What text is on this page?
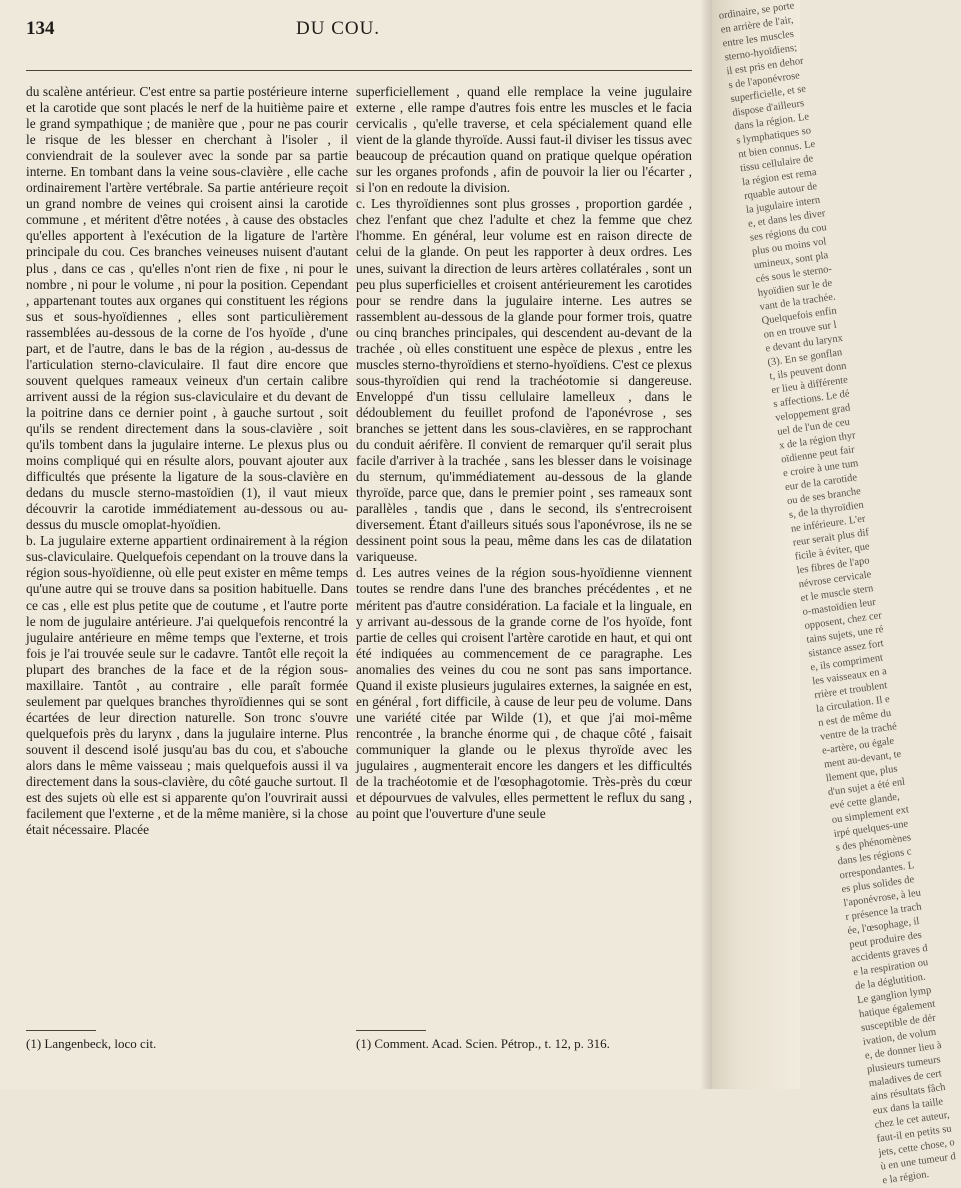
134	DU COU.

du scalène antérieur. C'est entre sa partie postérieure interne et la carotide que sont placés le nerf de la huitième paire et le grand sympathique ; de manière que , pour ne pas courir le risque de les blesser en cherchant à l'isoler , il conviendrait de la soulever avec la sonde par sa partie interne. En tombant dans la veine sous-clavière , elle cache ordinairement l'artère vertébrale. Sa partie antérieure reçoit un grand nombre de veines qui croisent ainsi la carotide commune , et méritent d'être notées , à cause des obstacles qu'elles apportent à l'exécution de la ligature de l'artère principale du cou. Ces branches veineuses nuisent d'autant plus , dans ce cas , qu'elles n'ont rien de fixe , ni pour le nombre , ni pour le volume , ni pour la position. Cependant , appartenant toutes aux organes qui constituent les régions sus et sous-hyoïdiennes , elles sont particulièrement rassemblées au-dessous de la corne de l'os hyoïde , d'une part, et de l'autre, dans le bas de la région , au-dessus de l'articulation sterno-claviculaire. Il faut dire encore que souvent quelques rameaux veineux d'un certain calibre arrivent aussi de la région sus-claviculaire et du devant de la poitrine dans ce dernier point , à gauche surtout , soit qu'ils se rendent directement dans la sous-clavière , soit qu'ils tombent dans la jugulaire interne. Le plexus plus ou moins compliqué qui en résulte alors, pouvant ajouter aux difficultés que présente la ligature de la sous-clavière en dedans du muscle sterno-mastoïdien (1), il vaut mieux découvrir la carotide immédiatement au-dessous ou au-dessus du muscle omoplat-hyoïdien.

b. La jugulaire externe appartient ordinairement à la région sus-claviculaire. Quelquefois cependant on la trouve dans la région sous-hyoïdienne, où elle peut exister en même temps qu'une autre qui se trouve dans sa position habituelle. Dans ce cas , elle est plus petite que de coutume , et l'autre porte le nom de jugulaire antérieure. J'ai quelquefois rencontré la jugulaire antérieure en même temps que l'externe, et trois fois je l'ai trouvée seule sur le cadavre. Tantôt elle reçoit la plupart des branches de la face et de la région sous-maxillaire. Tantôt , au contraire , elle paraît formée seulement par quelques branches thyroïdiennes qui se sont écartées de leur direction naturelle. Son tronc s'ouvre quelquefois près du larynx , dans la jugulaire interne. Plus souvent il descend isolé jusqu'au bas du cou, et s'abouche alors dans le même vaisseau ; mais quelquefois aussi il va directement dans la sous-clavière, du côté gauche surtout. Il est des sujets où elle est si apparente qu'on l'ouvrirait aussi facilement que l'externe , et de la même manière, si la chose était nécessaire. Placée

superficiellement , quand elle remplace la veine jugulaire externe , elle rampe d'autres fois entre les muscles et le facia cervicalis , qu'elle traverse, et cela spécialement quand elle vient de la glande thyroïde. Aussi faut-il diviser les tissus avec beaucoup de précaution quand on pratique quelque opération sur les organes profonds , afin de pouvoir la lier ou l'écarter , si l'on en redoute la division.

c. Les thyroïdiennes sont plus grosses , proportion gardée , chez l'enfant que chez l'adulte et chez la femme que chez l'homme. En général, leur volume est en raison directe de celui de la glande. On peut les rapporter à deux ordres. Les unes, suivant la direction de leurs artères collatérales , sont un peu plus superficielles et croisent antérieurement les carotides pour se rendre dans la jugulaire interne. Les autres se rassemblent au-dessous de la glande pour former trois, quatre ou cinq branches principales, qui descendent au-devant de la trachée , où elles constituent une espèce de plexus , entre les muscles sterno-thyroïdiens et sterno-hyoïdiens. C'est ce plexus sous-thyroïdien qui rend la trachéotomie si dangereuse. Enveloppé d'un tissu cellulaire lamelleux , dans le dédoublement du feuillet profond de l'aponévrose , ses branches se jettent dans les sous-clavières, en se rapprochant du conduit aérifère. Il convient de remarquer qu'il serait plus facile d'arriver à la trachée , sans les blesser dans le voisinage du sternum, qu'immédiatement au-dessous de la glande thyroïde, parce que, dans le premier point , ses rameaux sont parallèles , tandis que , dans le second, ils s'entrecroisent diversement. Étant d'ailleurs situés sous l'aponévrose, ils ne se dessinent point sous la peau, même dans les cas de dilatation variqueuse.

d. Les autres veines de la région sous-hyoïdienne viennent toutes se rendre dans l'une des branches précédentes , et ne méritent pas d'autre considération. La faciale et la linguale, en y arrivant au-dessous de la grande corne de l'os hyoïde, font partie de celles qui croisent l'artère carotide en haut, et qui ont été indiquées au commencement de ce paragraphe. Les anomalies des veines du cou ne sont pas sans importance. Quand il existe plusieurs jugulaires externes, la saignée en est, en général , fort difficile, à cause de leur peu de volume. Dans une variété citée par Wilde (1), et que j'ai moi-même rencontrée , la branche énorme qui , de chaque côté , faisait communiquer la glande ou le plexus thyroïde avec les jugulaires , augmenterait encore les dangers et les difficultés de la trachéotomie et de l'œsophagotomie. Très-près du cœur et dépourvues de valvules, elles permettent le reflux du sang , au point que l'ouverture d'une seule

(1) Langenbeck, loco cit.	(1) Comment. Acad. Scien. Pétrop., t. 12, p. 316.
ordinaire, se porte en arrière de l'air, entre les muscles sterno-hyoïdiens; il est pris en dehors de l'aponévrose superficielle, et se dispose d'ailleurs dans la région. Les lymphatiques sont bien connus. Le tissu cellulaire de la région est remarquable autour de la jugulaire interne, et dans les diverses régions du cou plus ou moins volumineux, sont placés sous le sterno-hyoïdien sur le devant de la trachée. Quelquefois enfin on en trouve sur le devant du larynx (3). En se gonflant, ils peuvent donner lieu à différentes affections. Le développement graduel de l'un de ceux de la région thyroïdienne peut faire croire à une tumeur de la carotide ou de ses branches, de la thyroïdienne inférieure. L'erreur serait plus difficile à éviter, que les fibres de l'aponévrose cervicale et le muscle sterno-mastoïdien leur opposent, chez certains sujets, une résistance assez forte, ils compriment les vaisseaux en arrière et troublent la circulation. Il en est de même du ventre de la trachée-artère, ou également au-devant, tellement que, plus d'un sujet a été enlevé cette glande, ou simplement extirpé quelques-unes des phénomènes dans les régions correspondantes. Les plus solides de l'aponévrose, à leur présence la trachée, l'œsophage, il peut produire des accidents graves de la respiration ou de la déglutition. Le ganglion lymphatique également susceptible de dérivation, de volume, de donner lieu à plusieurs tumeurs maladives de certains résultats fâcheux dans la taille chez le cet auteur, faut-il en petits sujets, cette chose, où en une tumeur de la région.
